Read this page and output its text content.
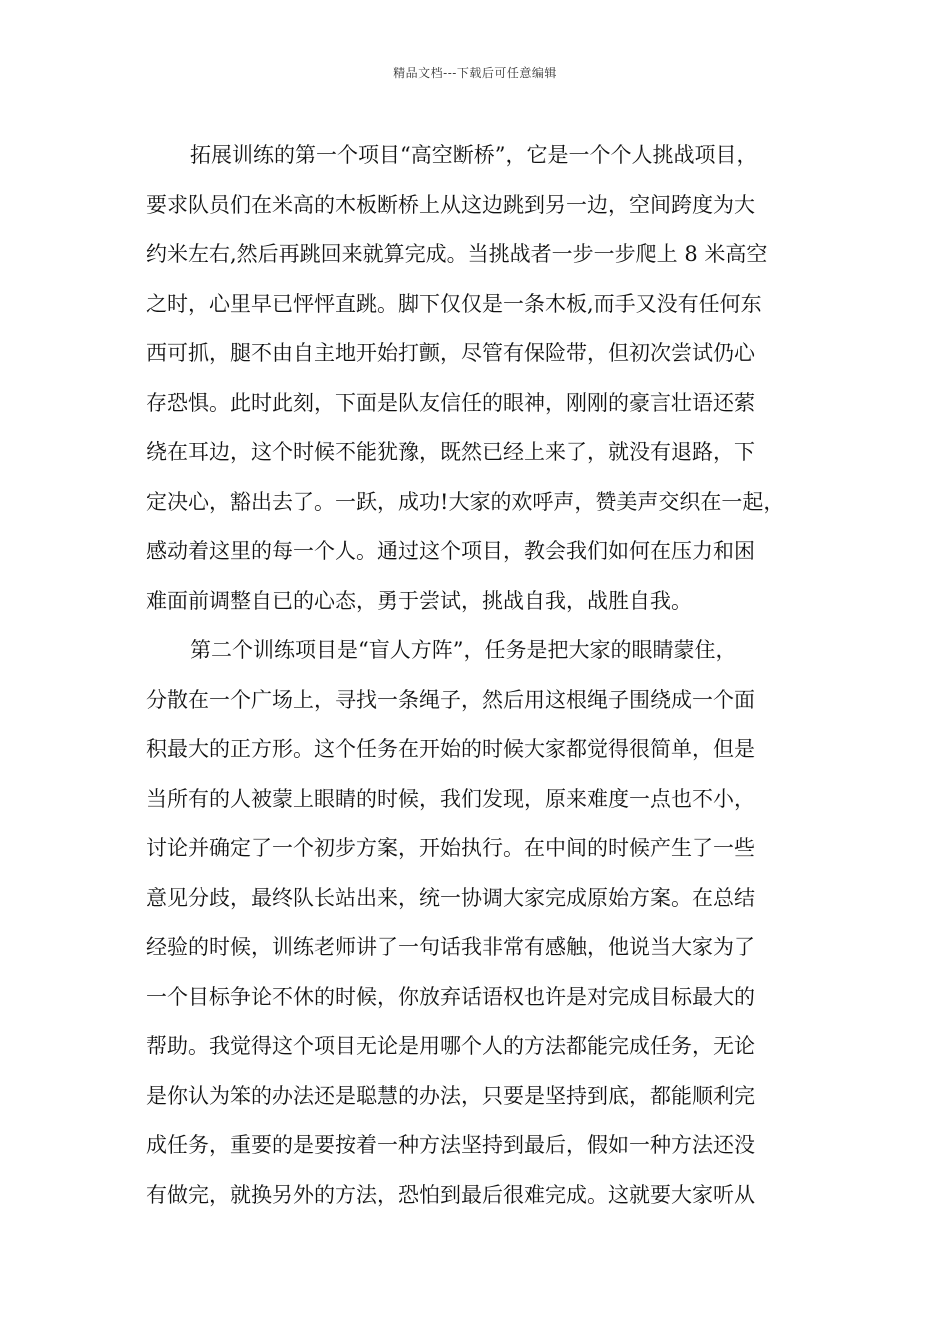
精品文档---下载后可任意编辑
拓展训练的第一个项目“高空断桥”，它是一个个人挑战项目，
要求队员们在米高的木板断桥上从这边跳到另一边，空间跨度为大
约米左右,然后再跳回来就算完成。当挑战者一步一步爬上 8 米高空
之时，心里早已怦怦直跳。脚下仅仅是一条木板,而手又没有任何东
西可抓，腿不由自主地开始打颤，尽管有保险带，但初次尝试仍心
存恐惧。此时此刻，下面是队友信任的眼神，刚刚的豪言壮语还萦
绕在耳边，这个时候不能犹豫，既然已经上来了，就没有退路，下
定决心，豁出去了。一跃，成功!大家的欢呼声，赞美声交织在一起，
感动着这里的每一个人。通过这个项目，教会我们如何在压力和困
难面前调整自已的心态，勇于尝试，挑战自我，战胜自我。
第二个训练项目是“盲人方阵”，任务是把大家的眼睛蒙住，
分散在一个广场上，寻找一条绳子，然后用这根绳子围绕成一个面
积最大的正方形。这个任务在开始的时候大家都觉得很简单，但是
当所有的人被蒙上眼睛的时候，我们发现，原来难度一点也不小，
讨论并确定了一个初步方案，开始执行。在中间的时候产生了一些
意见分歧，最终队长站出来，统一协调大家完成原始方案。在总结
经验的时候，训练老师讲了一句话我非常有感触，他说当大家为了
一个目标争论不休的时候，你放弃话语权也许是对完成目标最大的
帮助。我觉得这个项目无论是用哪个人的方法都能完成任务，无论
是你认为笨的办法还是聪慧的办法，只要是坚持到底，都能顺利完
成任务，重要的是要按着一种方法坚持到最后，假如一种方法还没
有做完，就换另外的方法，恐怕到最后很难完成。这就要大家听从
